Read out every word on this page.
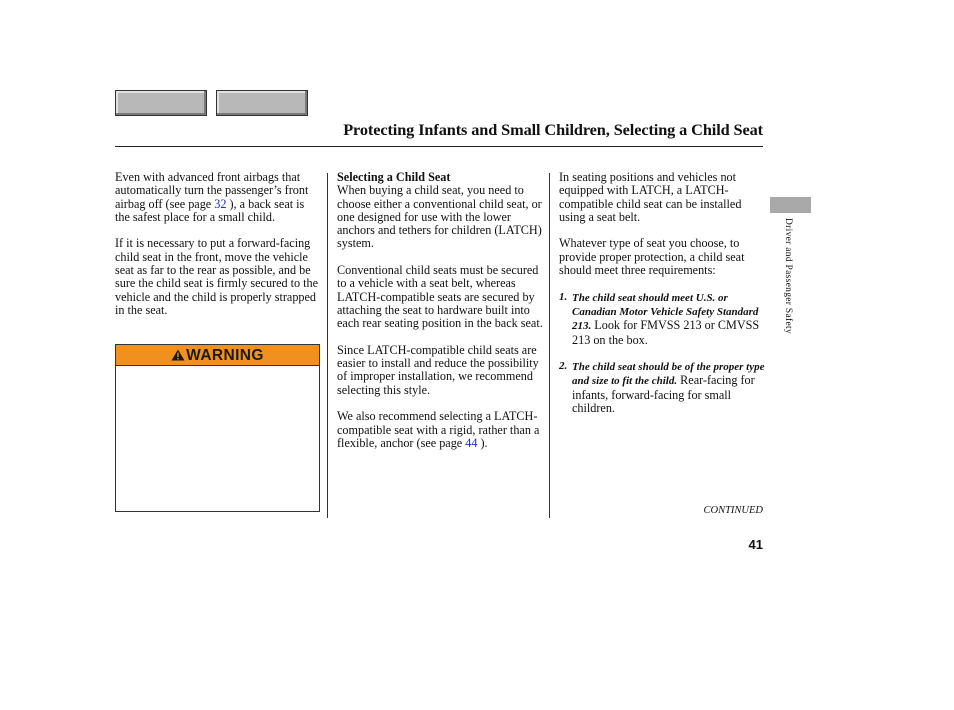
Protecting Infants and Small Children, Selecting a Child Seat
Driver and Passenger Safety

Even with advanced front airbags that automatically turn the passenger’s front airbag off (see page 32 ), a back seat is the safest place for a small child.

If it is necessary to put a forward-facing child seat in the front, move the vehicle seat as far to the rear as possible, and be sure the child seat is firmly secured to the vehicle and the child is properly strapped in the seat.

WARNING

Selecting a Child Seat
When buying a child seat, you need to choose either a conventional child seat, or one designed for use with the lower anchors and tethers for children (LATCH) system.

Conventional child seats must be secured to a vehicle with a seat belt, whereas LATCH-compatible seats are secured by attaching the seat to hardware built into each rear seating position in the back seat.

Since LATCH-compatible child seats are easier to install and reduce the possibility of improper installation, we recommend selecting this style.

We also recommend selecting a LATCH-compatible seat with a rigid, rather than a flexible, anchor (see page 44 ).

In seating positions and vehicles not equipped with LATCH, a LATCH-compatible child seat can be installed using a seat belt.

Whatever type of seat you choose, to provide proper protection, a child seat should meet three requirements:

1. The child seat should meet U.S. or Canadian Motor Vehicle Safety Standard 213. Look for FMVSS 213 or CMVSS 213 on the box.
2. The child seat should be of the proper type and size to fit the child. Rear-facing for infants, forward-facing for small children.
CONTINUED
41
